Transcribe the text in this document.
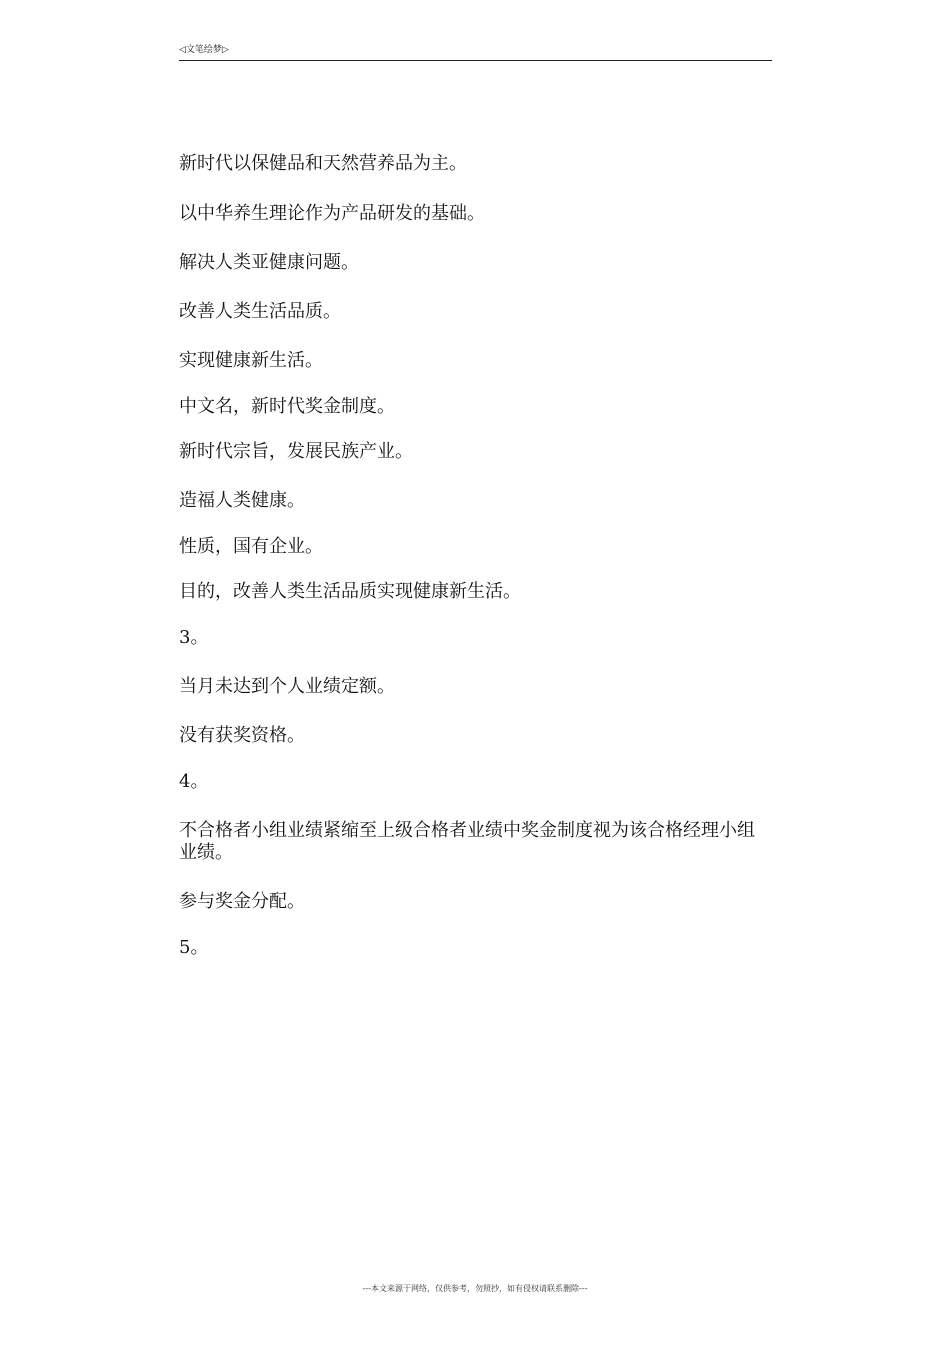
◁文笔绘梦▷

新时代以保健品和天然营养品为主。

以中华养生理论作为产品研发的基础。

解决人类亚健康问题。

改善人类生活品质。

实现健康新生活。

中文名，新时代奖金制度。

新时代宗旨，发展民族产业。

造福人类健康。

性质，国有企业。

目的，改善人类生活品质实现健康新生活。

3。

当月未达到个人业绩定额。

没有获奖资格。

4。

不合格者小组业绩紧缩至上级合格者业绩中奖金制度视为该合格经理小组业绩。

参与奖金分配。

5。

---本文来源于网络，仅供参考，勿照抄，如有侵权请联系删除---
